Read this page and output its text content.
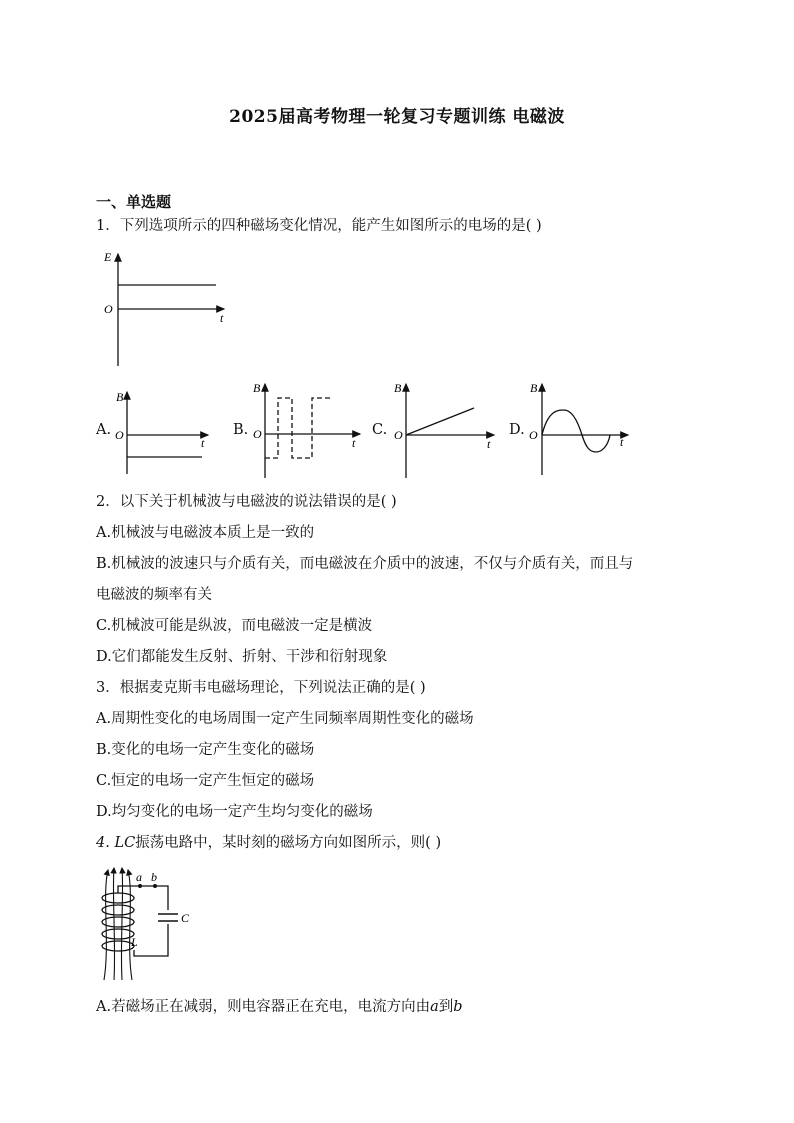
2025届高考物理一轮复习专题训练 电磁波
一、单选题
1．下列选项所示的四种磁场变化情况，能产生如图所示的电场的是( )
E
O
t
A.
B
O
t
B.
B
O
t
C.
B
O
t
D.
B
O	t
2．以下关于机械波与电磁波的说法错误的是( )
A.机械波与电磁波本质上是一致的
B.机械波的波速只与介质有关，而电磁波在介质中的波速，不仅与介质有关，而且与
电磁波的频率有关
C.机械波可能是纵波，而电磁波一定是横波
D.它们都能发生反射、折射、干涉和衍射现象
3．根据麦克斯韦电磁场理论，下列说法正确的是( )
A.周期性变化的电场周围一定产生同频率周期性变化的磁场
B.变化的电场一定产生变化的磁场
C.恒定的电场一定产生恒定的磁场
D.均匀变化的电场一定产生均匀变化的磁场
4. LC振荡电路中，某时刻的磁场方向如图所示，则( )
a b
C
L
A.若磁场正在减弱，则电容器正在充电，电流方向由a到b
